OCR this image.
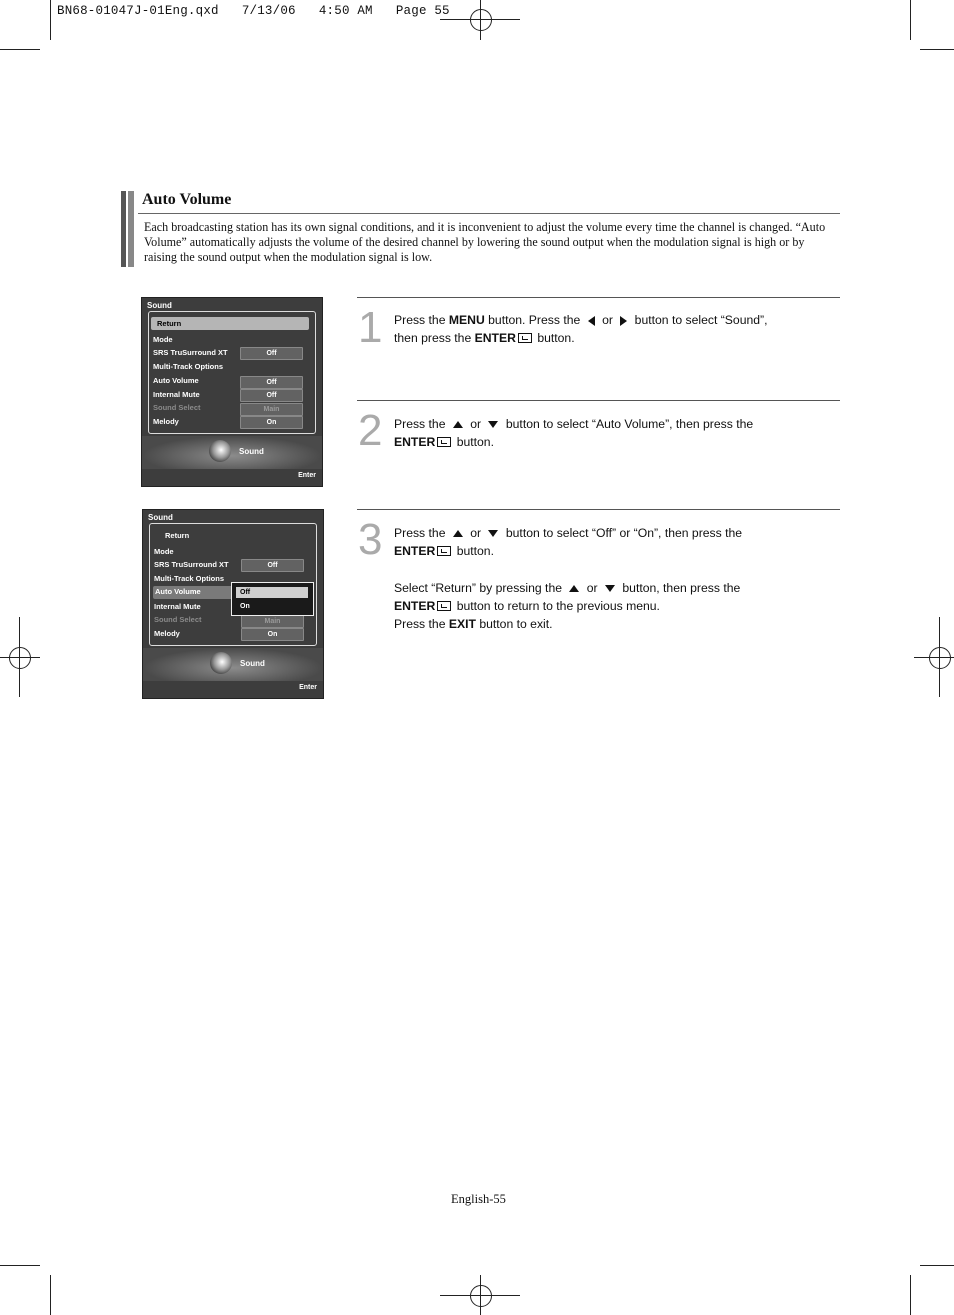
BN68-01047J-01Eng.qxd   7/13/06   4:50 AM   Page 55
Auto Volume
Each broadcasting station has its own signal conditions, and it is inconvenient to adjust the volume every time the channel is changed. “Auto Volume” automatically adjusts the volume of the desired channel by lowering the sound output when the modulation signal is high or by raising the sound output when the modulation signal is low.
Sound
Return
Mode
SRS TruSurround XT	Off
Multi-Track Options
Auto Volume	Off
Internal Mute	Off
Sound Select	Main
Melody	On
Sound
Enter
Sound
Return
Mode
SRS TruSurround XT	Off
Multi-Track Options
Auto Volume
Internal Mute
Sound Select	Main
Melody	On
Off
On
Sound
Enter
1 Press the MENU button. Press the  or  button to select “Sound”,
then press the ENTER button.
2 Press the  or  button to select “Auto Volume”, then press the
ENTER button.
3 Press the  or  button to select “Off” or “On”, then press the
ENTER button.
Select “Return” by pressing the  or  button, then press the
ENTER button to return to the previous menu.
Press the EXIT button to exit.
English-55
